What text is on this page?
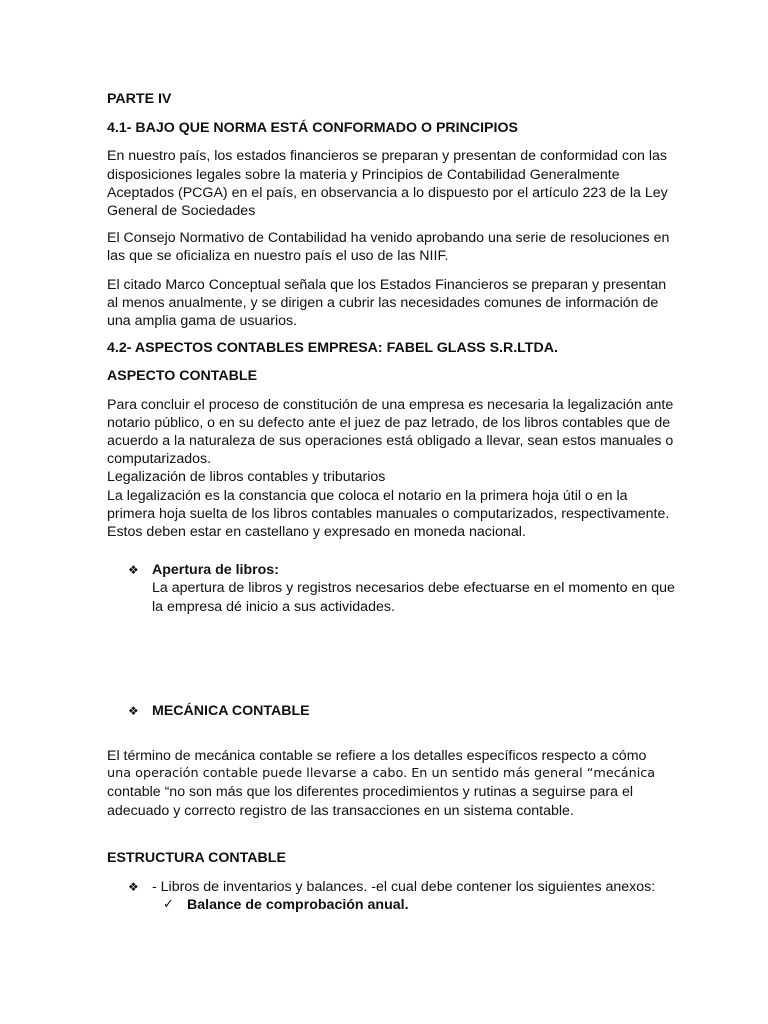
PARTE IV
4.1- BAJO QUE NORMA ESTÁ CONFORMADO O PRINCIPIOS
En nuestro país, los estados financieros se preparan y presentan de conformidad con las
disposiciones legales sobre la materia y Principios de Contabilidad Generalmente
Aceptados (PCGA) en el país, en observancia a lo dispuesto por el artículo 223 de la Ley
General de Sociedades
El Consejo Normativo de Contabilidad ha venido aprobando una serie de resoluciones en
las que se oficializa en nuestro país el uso de las NIIF.
El citado Marco Conceptual señala que los Estados Financieros se preparan y presentan
al menos anualmente, y se dirigen a cubrir las necesidades comunes de información de
una amplia gama de usuarios.
4.2- ASPECTOS CONTABLES EMPRESA: FABEL GLASS S.R.LTDA.
ASPECTO CONTABLE
Para concluir el proceso de constitución de una empresa es necesaria la legalización ante
notario público, o en su defecto ante el juez de paz letrado, de los libros contables que de
acuerdo a la naturaleza de sus operaciones está obligado a llevar, sean estos manuales o
computarizados.
Legalización de libros contables y tributarios
La legalización es la constancia que coloca el notario en la primera hoja útil o en la
primera hoja suelta de los libros contables manuales o computarizados, respectivamente.
Estos deben estar en castellano y expresado en moneda nacional.
❖ Apertura de libros:
La apertura de libros y registros necesarios debe efectuarse en el momento en que
la empresa dé inicio a sus actividades.
❖ MECÁNICA CONTABLE
El término de mecánica contable se refiere a los detalles específicos respecto a cómo
una operación contable puede llevarse a cabo. En un sentido más general “mecánica
contable “no son más que los diferentes procedimientos y rutinas a seguirse para el
adecuado y correcto registro de las transacciones en un sistema contable.
ESTRUCTURA CONTABLE
❖ - Libros de inventarios y balances. -el cual debe contener los siguientes anexos:
✓ Balance de comprobación anual.
